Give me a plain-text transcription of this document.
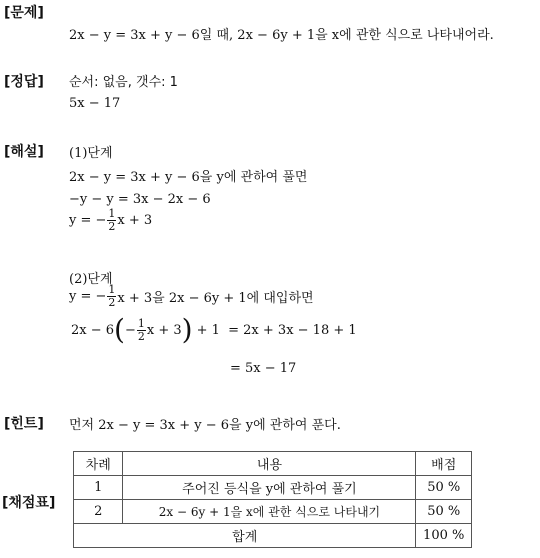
[문제]
2x − y = 3x + y − 6일 때, 2x − 6y + 1을 x에 관한 식으로 나타내어라.
[정답] 순서: 없음, 갯수: 1
5x − 17
[해설] (1)단계
2x − y = 3x + y − 6을 y에 관하여 풀면
−y − y = 3x − 2x − 6
y = − $\frac{1}{2}$ x + 3
(2)단계
y = − $\frac{1}{2}$ x + 3을 2x − 6y + 1에 대입하면
2x − 6 ( − $\frac{1}{2}$ x + 3 ) + 1  = 2x + 3x − 18 + 1
= 5x − 17
[힌트] 먼저 2x − y = 3x + y − 6을 y에 관하여 푼다.
[채점표]
차례	내용	배점
1	주어진 등식을 y에 관하여 풀기	50 %
2	2x − 6y + 1을 x에 관한 식으로 나타내기	50 %
합계		100 %
